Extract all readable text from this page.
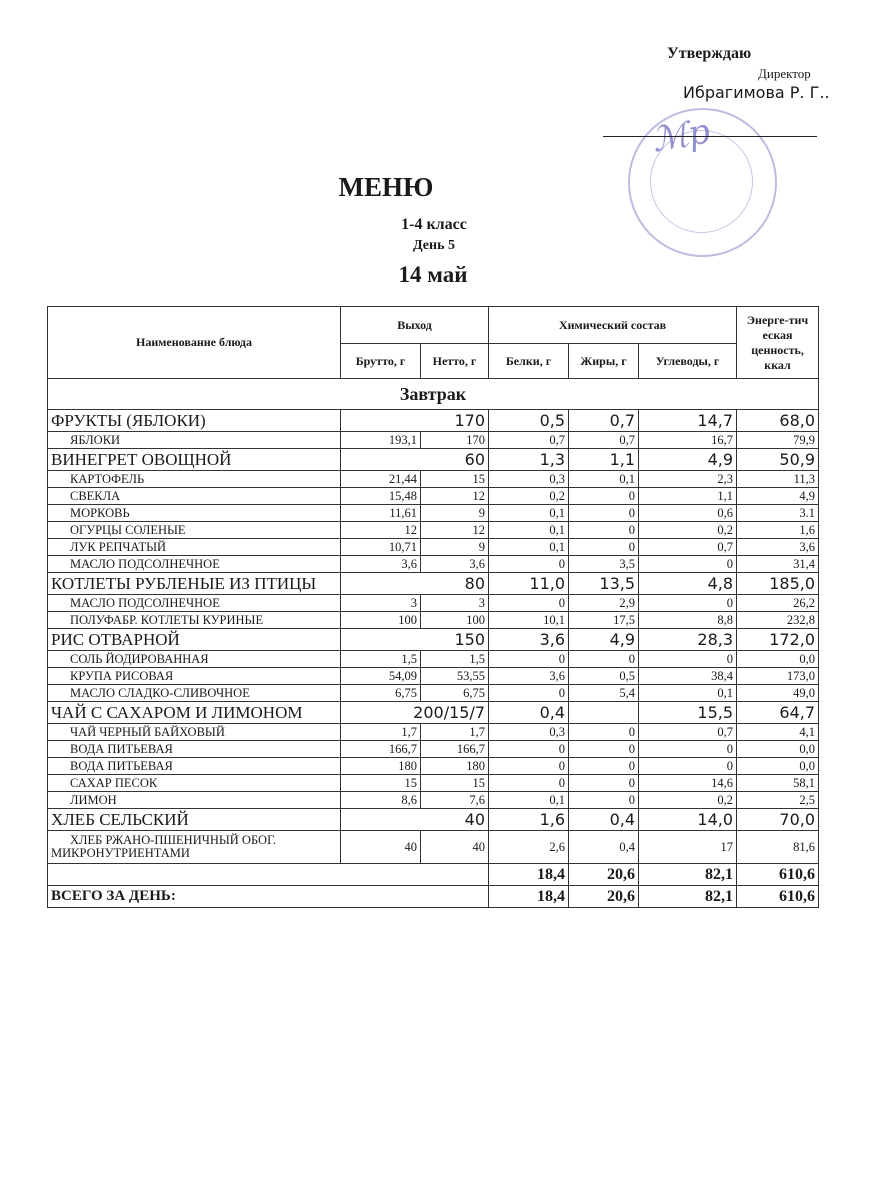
Утверждаю
Директор
Ибрагимова Р. Г..
ℳр
МЕНЮ
1-4 класс
День 5
14 май
Наименование блюда	Выход		Химический состав			Энерге-тич еская ценность, ккал
	Брутто, г	Нетто, г	Белки, г	Жиры, г	Углеводы, г	
Завтрак						
ФРУКТЫ (ЯБЛОКИ)	170		0,5	0,7	14,7	68,0
ЯБЛОКИ	193,1	170	0,7	0,7	16,7	79,9
ВИНЕГРЕТ ОВОЩНОЙ	60		1,3	1,1	4,9	50,9
КАРТОФЕЛЬ	21,44	15	0,3	0,1	2,3	11,3
СВЕКЛА	15,48	12	0,2	0	1,1	4,9
МОРКОВЬ	11,61	9	0,1	0	0,6	3.1
ОГУРЦЫ СОЛЕНЫЕ	12	12	0,1	0	0,2	1,6
ЛУК РЕПЧАТЫЙ	10,71	9	0,1	0	0,7	3,6
МАСЛО ПОДСОЛНЕЧНОЕ	3,6	3,6	0	3,5	0	31,4
КОТЛЕТЫ РУБЛЕНЫЕ ИЗ ПТИЦЫ	80		11,0	13,5	4,8	185,0
МАСЛО ПОДСОЛНЕЧНОЕ	3	3	0	2,9	0	26,2
ПОЛУФАБР. КОТЛЕТЫ КУРИНЫЕ	100	100	10,1	17,5	8,8	232,8
РИС ОТВАРНОЙ	150		3,6	4,9	28,3	172,0
СОЛЬ ЙОДИРОВАННАЯ	1,5	1,5	0	0	0	0,0
КРУПА РИСОВАЯ	54,09	53,55	3,6	0,5	38,4	173,0
МАСЛО СЛАДКО-СЛИВОЧНОЕ	6,75	6,75	0	5,4	0,1	49,0
ЧАЙ С САХАРОМ И ЛИМОНОМ	200/15/7		0,4		15,5	64,7
ЧАЙ ЧЕРНЫЙ БАЙХОВЫЙ	1,7	1,7	0,3	0	0,7	4,1
ВОДА ПИТЬЕВАЯ	166,7	166,7	0	0	0	0,0
ВОДА ПИТЬЕВАЯ	180	180	0	0	0	0,0
САХАР ПЕСОК	15	15	0	0	14,6	58,1
ЛИМОН	8,6	7,6	0,1	0	0,2	2,5
ХЛЕБ СЕЛЬСКИЙ	40		1,6	0,4	14,0	70,0

ХЛЕБ РЖАНО-ПШЕНИЧНЫЙ ОБОГ.
МИКРОНУТРИЕНТАМИ	40	40	2,6	0,4	17	81,6
			18,4	20,6	82,1	610,6
ВСЕГО ЗА ДЕНЬ:			18,4	20,6	82,1	610,6
